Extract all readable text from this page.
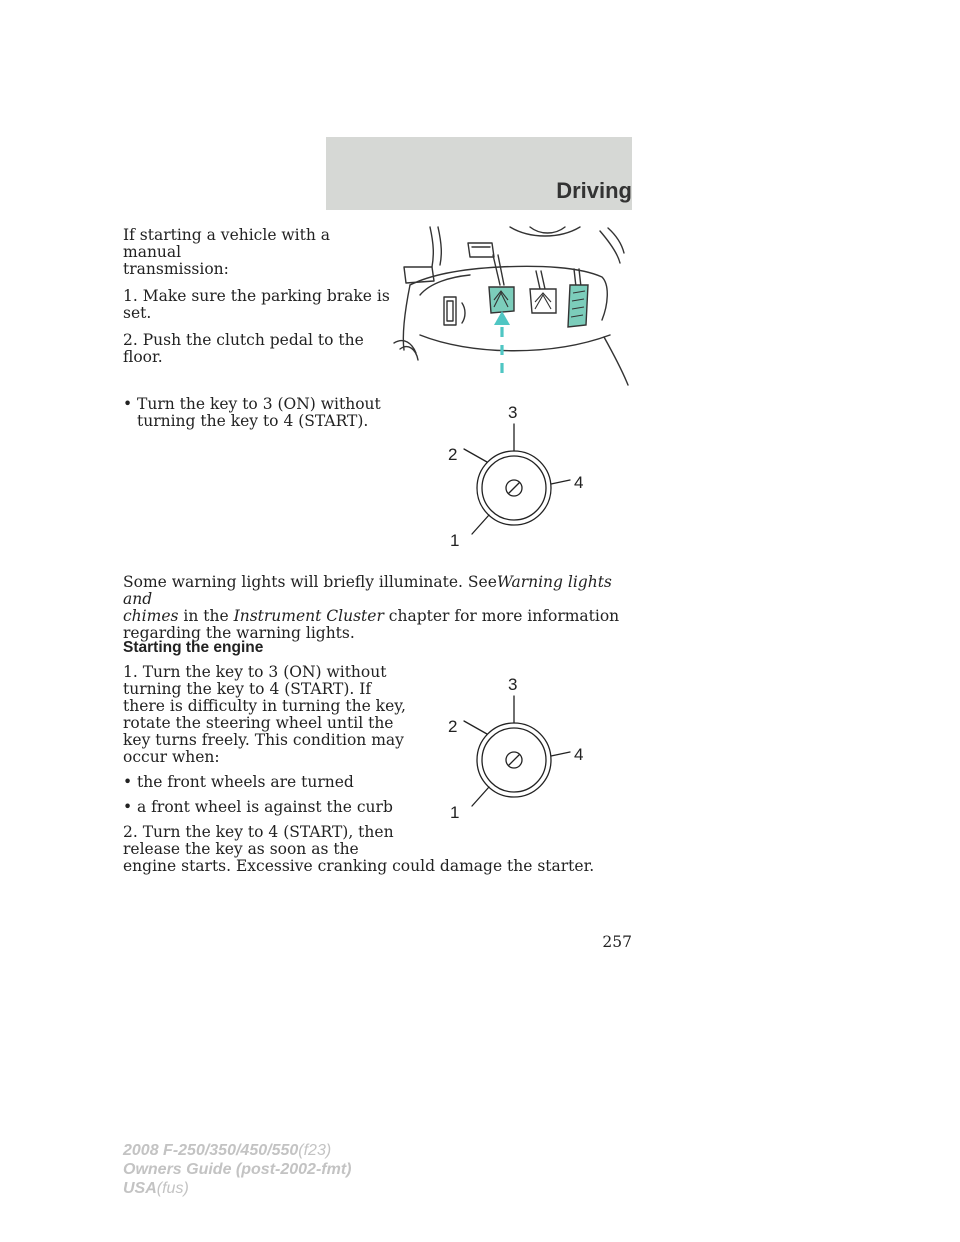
Driving

If starting a vehicle with a manual

transmission:

1. Make sure the parking brake is
set.

2. Push the clutch pedal to the floor.

• Turn the key to 3 (ON) without

turning the key to 4 (START).	3
2
4
1

Some warning lights will briefly illuminate. SeeWarning lights and

chimes in the Instrument Cluster chapter for more information

regarding the warning lights.

Starting the engine

1. Turn the key to 3 (ON) without

turning the key to 4 (START). If

there is difficulty in turning the key,

rotate the steering wheel until the

key turns freely. This condition may

occur when:

• the front wheels are turned

• a front wheel is against the curb

2. Turn the key to 4 (START), then

release the key as soon as the

engine starts. Excessive cranking could damage the starter.

3
2
4
1
257
2008 F-250/350/450/550(f23)
Owners Guide (post-2002-fmt)
USA(fus)
